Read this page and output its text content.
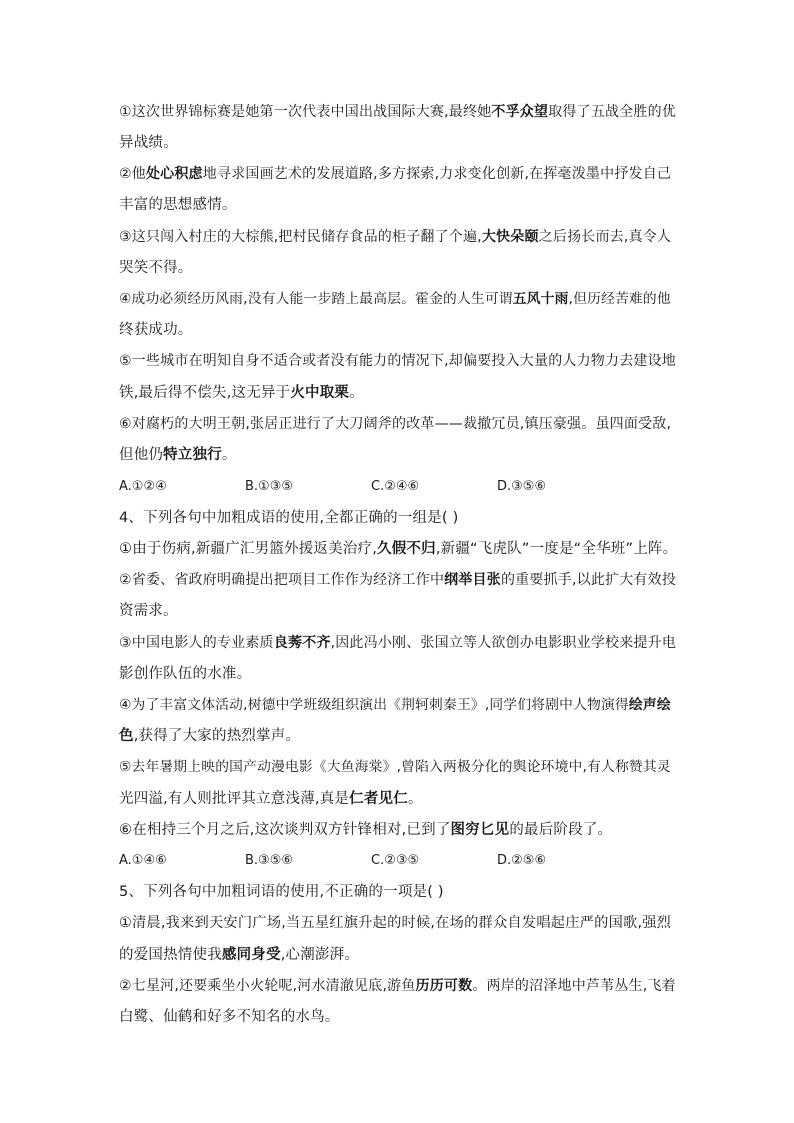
①这次世界锦标赛是她第一次代表中国出战国际大赛,最终她不孚众望取得了五战全胜的优
异战绩。
②他处心积虑地寻求国画艺术的发展道路,多方探索,力求变化创新,在挥毫泼墨中抒发自己
丰富的思想感情。
③这只闯入村庄的大棕熊,把村民储存食品的柜子翻了个遍,大快朵颐之后扬长而去,真令人
哭笑不得。
④成功必须经历风雨,没有人能一步踏上最高层。霍金的人生可谓五风十雨,但历经苦难的他
终获成功。
⑤一些城市在明知自身不适合或者没有能力的情况下,却偏要投入大量的人力物力去建设地
铁,最后得不偿失,这无异于火中取栗。
⑥对腐朽的大明王朝,张居正进行了大刀阔斧的改革——裁撤冗员,镇压豪强。虽四面受敌,
但他仍特立独行。
A.①②④	B.①③⑤	C.②④⑥	D.③⑤⑥
4、下列各句中加粗成语的使用,全都正确的一组是( )
①由于伤病,新疆广汇男篮外援返美治疗,久假不归,新疆“飞虎队”一度是“全华班”上阵。
②省委、省政府明确提出把项目工作作为经济工作中纲举目张的重要抓手,以此扩大有效投
资需求。
③中国电影人的专业素质良莠不齐,因此冯小刚、张国立等人欲创办电影职业学校来提升电
影创作队伍的水准。
④为了丰富文体活动,树德中学班级组织演出《荆轲刺秦王》,同学们将剧中人物演得绘声绘
色,获得了大家的热烈掌声。
⑤去年暑期上映的国产动漫电影《大鱼海棠》,曾陷入两极分化的舆论环境中,有人称赞其灵
光四溢,有人则批评其立意浅薄,真是仁者见仁。
⑥在相持三个月之后,这次谈判双方针锋相对,已到了图穷匕见的最后阶段了。
A.①④⑥	B.③⑤⑥	C.②③⑤	D.②⑤⑥
5、下列各句中加粗词语的使用,不正确的一项是( )
①清晨,我来到天安门广场,当五星红旗升起的时候,在场的群众自发唱起庄严的国歌,强烈
的爱国热情使我感同身受,心潮澎湃。
②七星河,还要乘坐小火轮呢,河水清澈见底,游鱼历历可数。两岸的沼泽地中芦苇丛生,飞着
白鹭、仙鹤和好多不知名的水鸟。
